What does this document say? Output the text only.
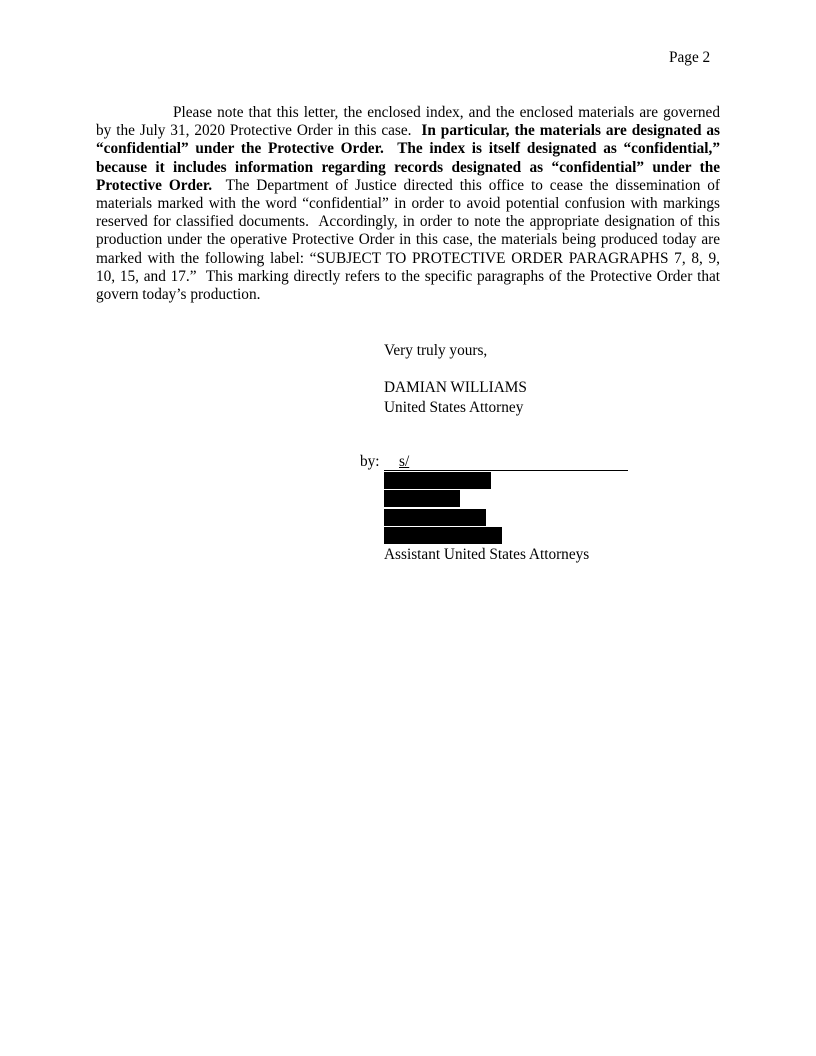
Page 2

Please note that this letter, the enclosed index, and the enclosed materials are governed by the July 31, 2020 Protective Order in this case. In particular, the materials are designated as “confidential” under the Protective Order. The index is itself designated as “confidential,” because it includes information regarding records designated as “confidential” under the Protective Order. The Department of Justice directed this office to cease the dissemination of materials marked with the word “confidential” in order to avoid potential confusion with markings reserved for classified documents. Accordingly, in order to note the appropriate designation of this production under the operative Protective Order in this case, the materials being produced today are marked with the following label: “SUBJECT TO PROTECTIVE ORDER PARAGRAPHS 7, 8, 9, 10, 15, and 17.” This marking directly refers to the specific paragraphs of the Protective Order that govern today’s production.

Very truly yours,
DAMIAN WILLIAMS
United States Attorney
by: s/
Assistant United States Attorneys
